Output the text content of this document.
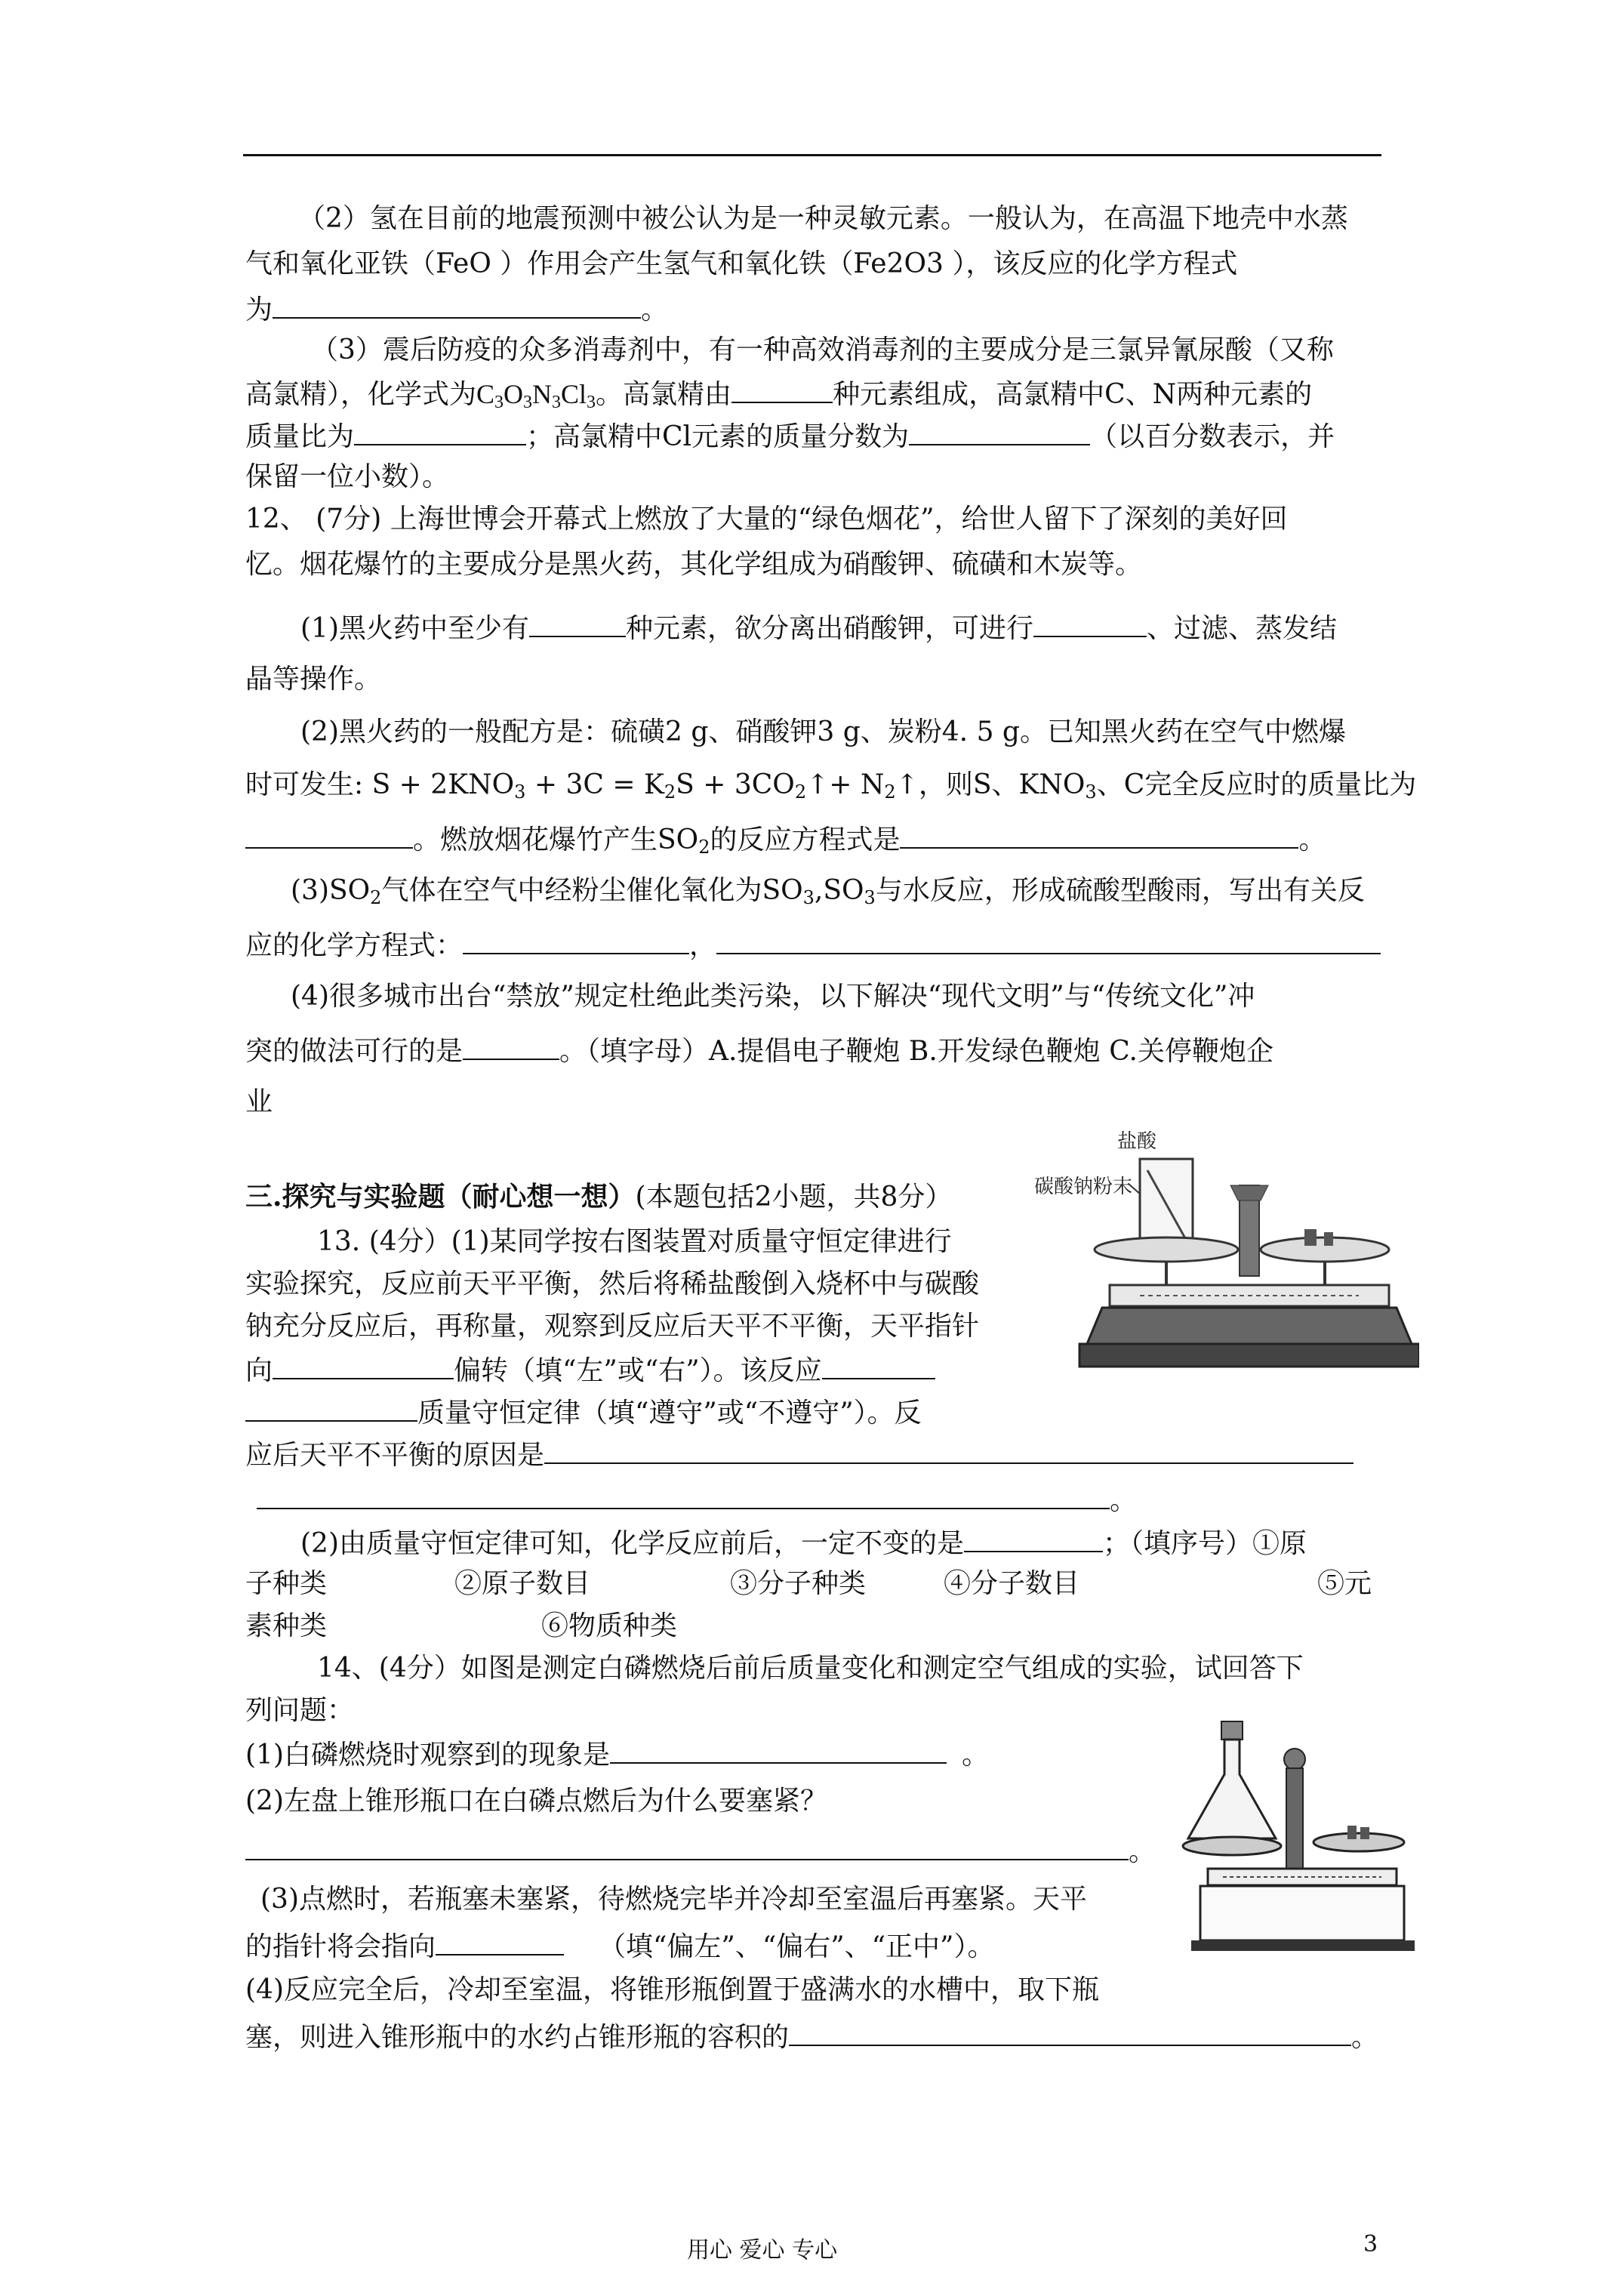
（2）氢在目前的地震预测中被公认为是一种灵敏元素。一般认为，在高温下地壳中水蒸
气和氧化亚铁（FeO ）作用会产生氢气和氧化铁（Fe2O3 ），该反应的化学方程式
为	。
（3）震后防疫的众多消毒剂中，有一种高效消毒剂的主要成分是三氯异氰尿酸（又称
高氯精），化学式为$C_3O_3N_3Cl_3$。高氯精由	种元素组成，高氯精中C、N两种元素的
质量比为	；高氯精中Cl元素的质量分数为	（以百分数表示，并
保留一位小数）。
12、 (7分) 上海世博会开幕式上燃放了大量的“绿色烟花”，给世人留下了深刻的美好回
忆。烟花爆竹的主要成分是黑火药，其化学组成为硝酸钾、硫磺和木炭等。
(1)黑火药中至少有	种元素，欲分离出硝酸钾，可进行	、过滤、蒸发结
晶等操作。
(2)黑火药的一般配方是：硫磺2 g、硝酸钾3 g、炭粉4. 5 g。已知黑火药在空气中燃爆
时可发生: $S + 2KNO_3 + 3C = K_2S$ + $3CO_2↑+$ $N_2↑$，则S、$KNO_3$、C完全反应时的质量比为
。燃放烟花爆竹产生$SO_2$的反应方程式是	。
$(3)SO_2$气体在空气中经粉尘催化氧化为$SO_3,SO_3$与水反应，形成硫酸型酸雨，写出有关反
应的化学方程式：	，
(4)很多城市出台“禁放”规定杜绝此类污染，以下解决“现代文明”与“传统文化”冲
突的做法可行的是	。（填字母）A.提倡电子鞭炮 B.开发绿色鞭炮 C.关停鞭炮企
业
三.探究与实验题（耐心想一想）(本题包括2小题，共8分）
13. (4分）(1)某同学按右图装置对质量守恒定律进行
实验探究，反应前天平平衡，然后将稀盐酸倒入烧杯中与碳酸
钠充分反应后，再称量，观察到反应后天平不平衡，天平指针
向	偏转（填“左”或“右”）。该反应
质量守恒定律（填“遵守”或“不遵守”）。反
应后天平不平衡的原因是
。
(2)由质量守恒定律可知，化学反应前后，一定不变的是	；（填序号）①原
子种类	②原子数目	③分子种类	④分子数目	⑤元
素种类	⑥物质种类
14、(4分）如图是测定白磷燃烧后前后质量变化和测定空气组成的实验，试回答下
列问题：
(1)白磷燃烧时观察到的现象是	。
(2)左盘上锥形瓶口在白磷点燃后为什么要塞紧？
。
(3)点燃时，若瓶塞未塞紧，待燃烧完毕并冷却至室温后再塞紧。天平
的指针将会指向	（填“偏左”、“偏右”、“正中”）。
(4)反应完全后，冷却至室温，将锥形瓶倒置于盛满水的水槽中，取下瓶
塞，则进入锥形瓶中的水约占锥形瓶的容积的	。
盐酸
碳酸钠粉末
用心 爱心 专心	3
